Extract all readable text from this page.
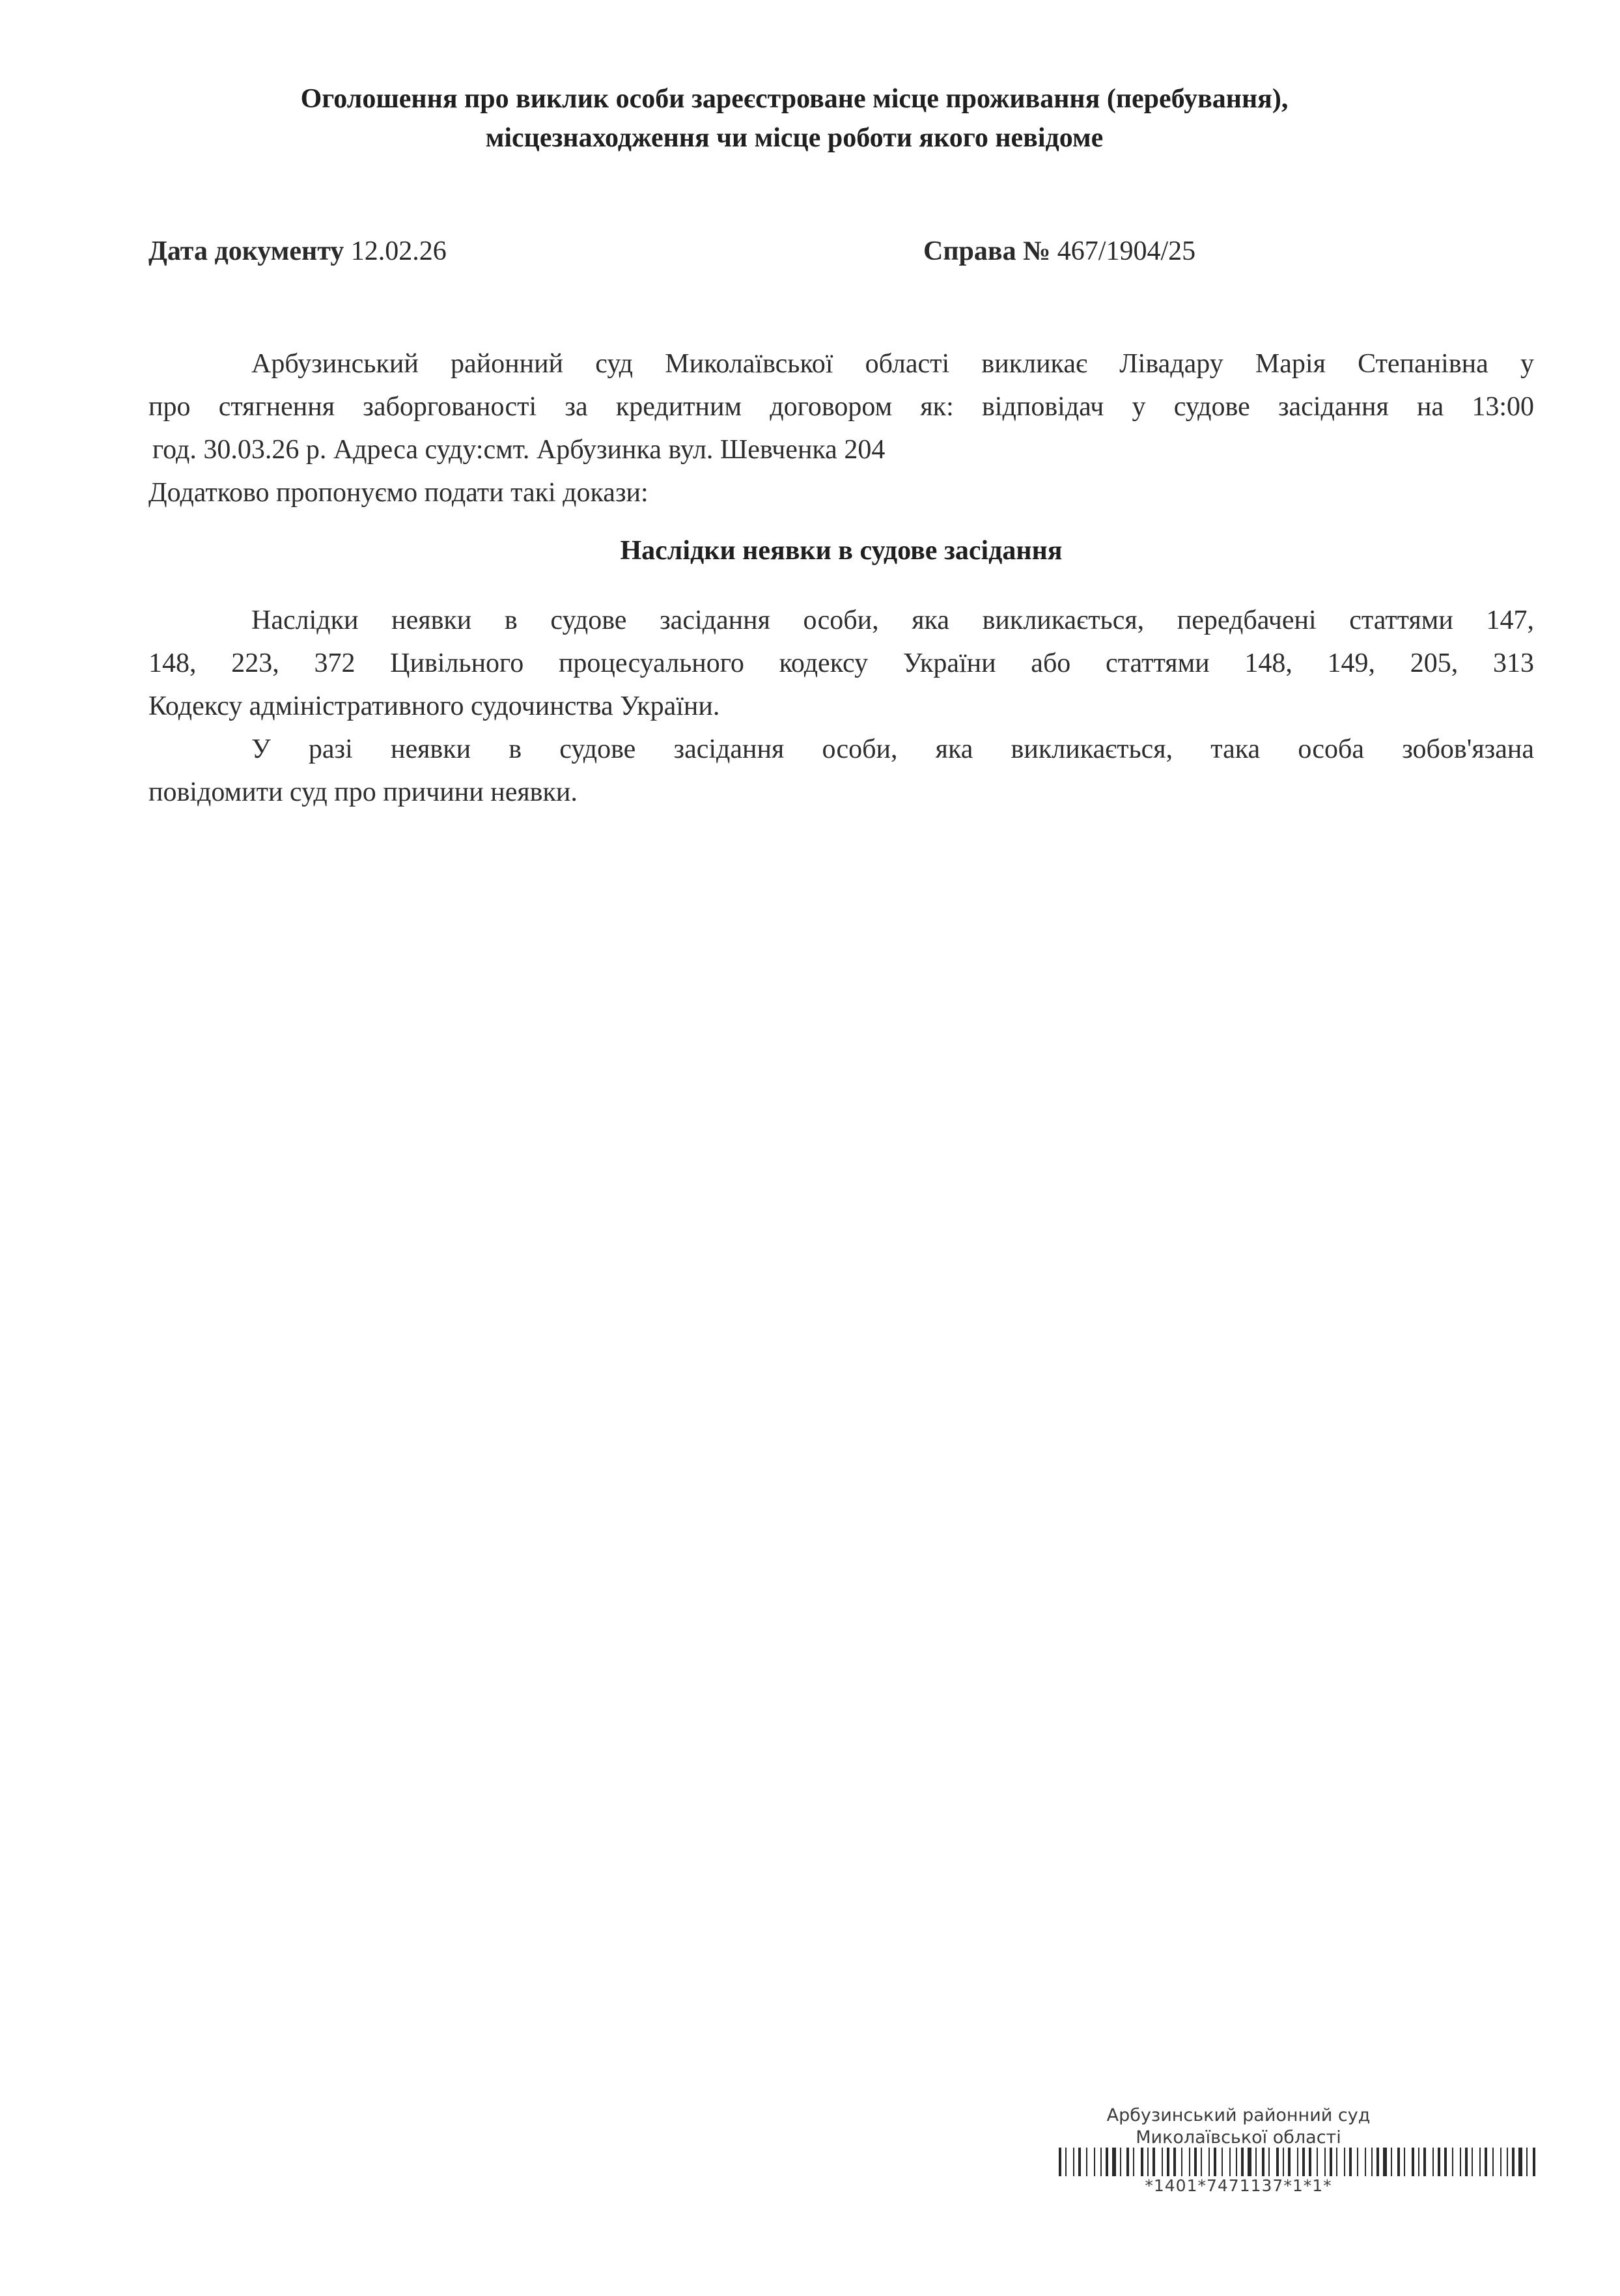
Оголошення про виклик особи зареєстроване місце проживання (перебування),
місцезнаходження чи місце роботи якого невідоме
Дата документу 12.02.26	Справа № 467/1904/25
Арбузинський районний суд Миколаївської області викликає Лівадару Марія Степанівна у
про стягнення заборгованості за кредитним договором як: відповідач у судове засідання на 13:00
год. 30.03.26 р. Адреса суду:смт. Арбузинка вул. Шевченка 204
Додатково пропонуємо подати такі докази:
Наслідки неявки в судове засідання
Наслідки неявки в судове засідання особи, яка викликається, передбачені статтями 147,
148, 223, 372 Цивільного процесуального кодексу України або статтями 148, 149, 205, 313
Кодексу адміністративного судочинства України.
У разі неявки в судове засідання особи, яка викликається, така особа зобов'язана
повідомити суд про причини неявки.
Арбузинський районний суд
Миколаївської області
*1401*7471137*1*1*
